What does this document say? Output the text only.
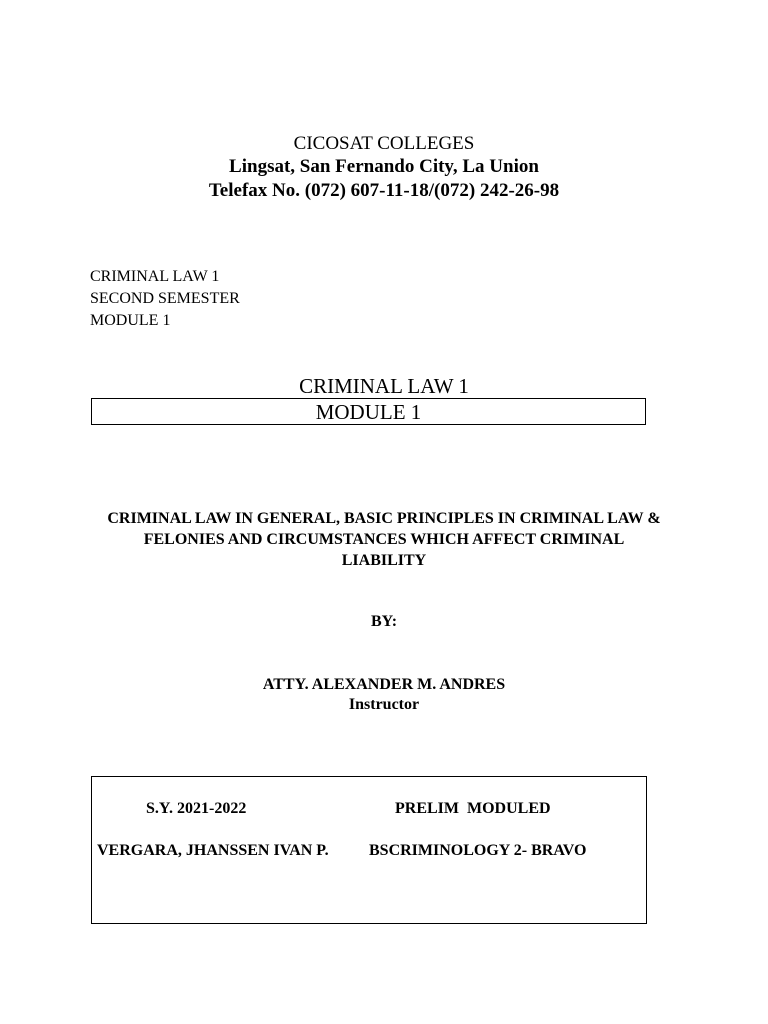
CICOSAT COLLEGES
Lingsat, San Fernando City, La Union
Telefax No. (072) 607-11-18/(072) 242-26-98
CRIMINAL LAW 1
SECOND SEMESTER
MODULE 1
CRIMINAL LAW 1
MODULE 1
CRIMINAL LAW IN GENERAL, BASIC PRINCIPLES IN CRIMINAL LAW & FELONIES AND CIRCUMSTANCES WHICH AFFECT CRIMINAL LIABILITY
BY:
ATTY. ALEXANDER M. ANDRES
Instructor
S.Y. 2021-2022	PRELIM  MODULED
VERGARA, JHANSSEN IVAN P.	BSCRIMINOLOGY 2- BRAVO
